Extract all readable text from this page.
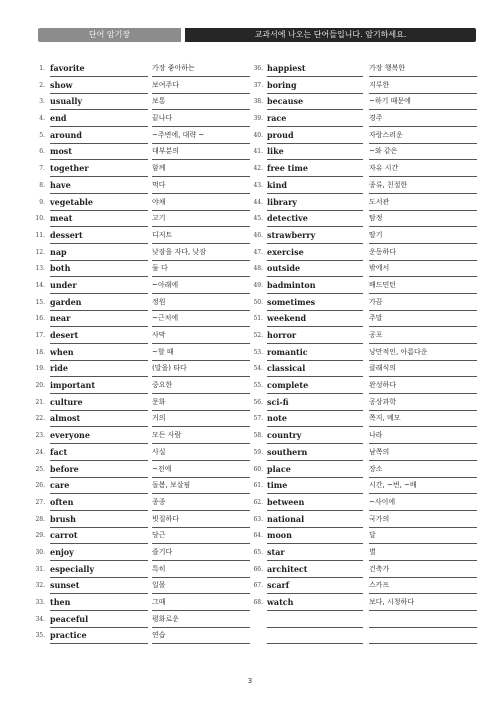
단어 암기장	교과서에 나오는 단어들입니다. 암기하세요.
1. favorite	가장 좋아하는
2. show	보여주다
3. usually	보통
4. end	끝나다
5. around	~주변에, 대략 ~
6. most	대부분의
7. together	함께
8. have	먹다
9. vegetable	야채
10. meat	고기
11. dessert	디저트
12. nap	낮잠을 자다, 낮잠
13. both	둘 다
14. under	~아래에
15. garden	정원
16. near	~근처에
17. desert	사막
18. when	~할 때
19. ride	(말을) 타다
20. important	중요한
21. culture	문화
22. almost	거의
23. everyone	모든 사람
24. fact	사실
25. before	~전에
26. care	돌봄, 보살핌
27. often	종종
28. brush	빗질하다
29. carrot	당근
30. enjoy	즐기다
31. especially	특히
32. sunset	일몰
33. then	그때
34. peaceful	평화로운
35. practice	연습
36. happiest	가장 행복한
37. boring	지루한
38. because	~하기 때문에
39. race	경주
40. proud	자랑스러운
41. like	~와 같은
42. free time	자유 시간
43. kind	종류, 친절한
44. library	도서관
45. detective	탐정
46. strawberry	딸기
47. exercise	운동하다
48. outside	밖에서
49. badminton	배드민턴
50. sometimes	가끔
51. weekend	주말
52. horror	공포
53. romantic	낭만적인, 아름다운
54. classical	클래식의
55. complete	완성하다
56. sci-fi	공상과학
57. note	쪽지, 메모
58. country	나라
59. southern	남쪽의
60. place	장소
61. time	시간, ~번, ~배
62. between	~사이에
63. national	국가의
64. moon	달
65. star	별
66. architect	건축가
67. scarf	스카프
68. watch	보다, 시청하다
3
